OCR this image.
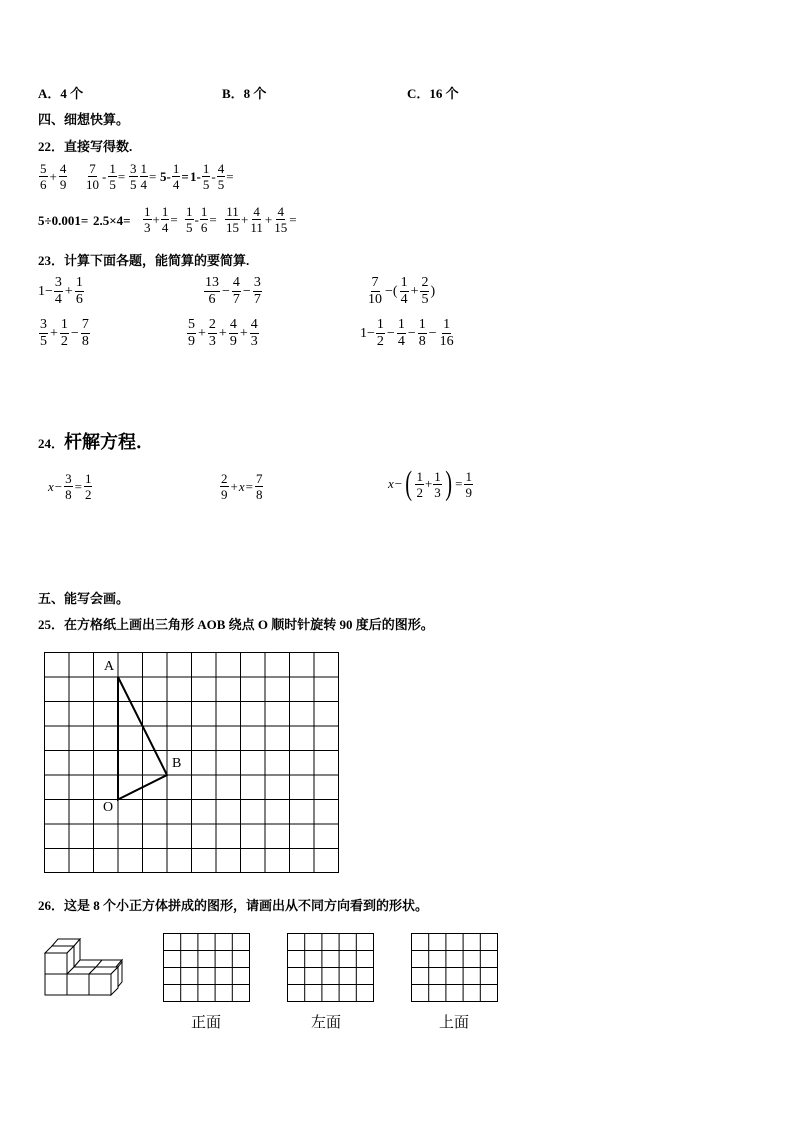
A．4 个	B．8 个	C．16 个
四、细想快算。
22．直接写得数.
$\frac{5}{6} + \frac{4}{9} \frac{7}{10} - \frac{1}{5} = \frac{3}{5} \frac{1}{4} = 5- \frac{1}{4} = 1- \frac{1}{5} - \frac{4}{5}$ =
$5\div 0.001= 2.5\times 4= \frac{1}{3} + \frac{1}{4} = \frac{1}{5} - \frac{1}{6} = \frac{11}{15} + \frac{4}{11} + \frac{4}{15}$ =
23．计算下面各题，能简算的要简算.
$1- \frac{3}{4} + \frac{1}{6}$	$\frac{13}{6} - \frac{4}{7} - \frac{3}{7}$	$\frac{7}{10}$ −( $\frac{1}{4} + \frac{2}{5}$ )
$\frac{3}{5} + \frac{1}{2} - \frac{7}{8}$	$\frac{5}{9} + \frac{2}{3} + \frac{4}{9} + \frac{4}{3}$	$1- \frac{1}{2} - \frac{1}{4} - \frac{1}{8} - \frac{1}{16}$
24．杆解方程．
$x - \frac{3}{8} = \frac{1}{2}$	$\frac{2}{9} + x = \frac{7}{8}$	x − ( $\frac{1}{2} + \frac{1}{3}$ ) = $\frac{1}{9}$
五、能写会画。
25．在方格纸上画出三角形 AOB 绕点 O 顺时针旋转 90 度后的图形。
A
B
O
26．这是 8 个小正方体拼成的图形，请画出从不同方向看到的形状。
正面	左面	上面
